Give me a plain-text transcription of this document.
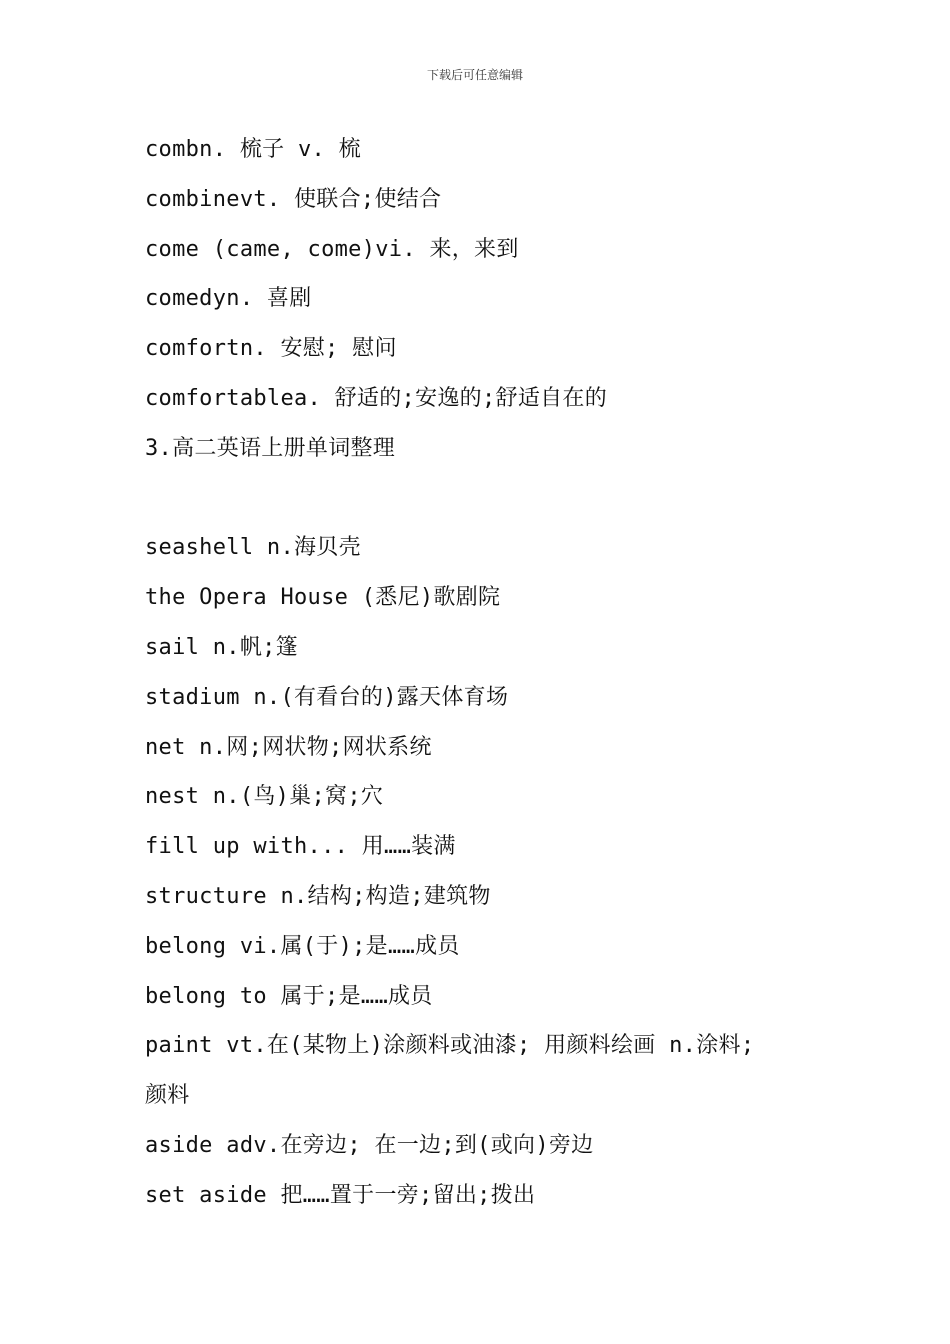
下载后可任意编辑
combn. 梳子 v. 梳
combinevt. 使联合;使结合
come (came, come)vi. 来，来到
comedyn. 喜剧
comfortn. 安慰; 慰问
comfortablea. 舒适的;安逸的;舒适自在的
3.高二英语上册单词整理
seashell n.海贝壳
the Opera House (悉尼)歌剧院
sail n.帆;篷
stadium n.(有看台的)露天体育场
net n.网;网状物;网状系统
nest n.(鸟)巢;窝;穴
fill up with... 用……装满
structure n.结构;构造;建筑物
belong vi.属(于);是……成员
belong to 属于;是……成员
paint vt.在(某物上)涂颜料或油漆; 用颜料绘画 n.涂料;
颜料
aside adv.在旁边; 在一边;到(或向)旁边
set aside 把……置于一旁;留出;拨出
